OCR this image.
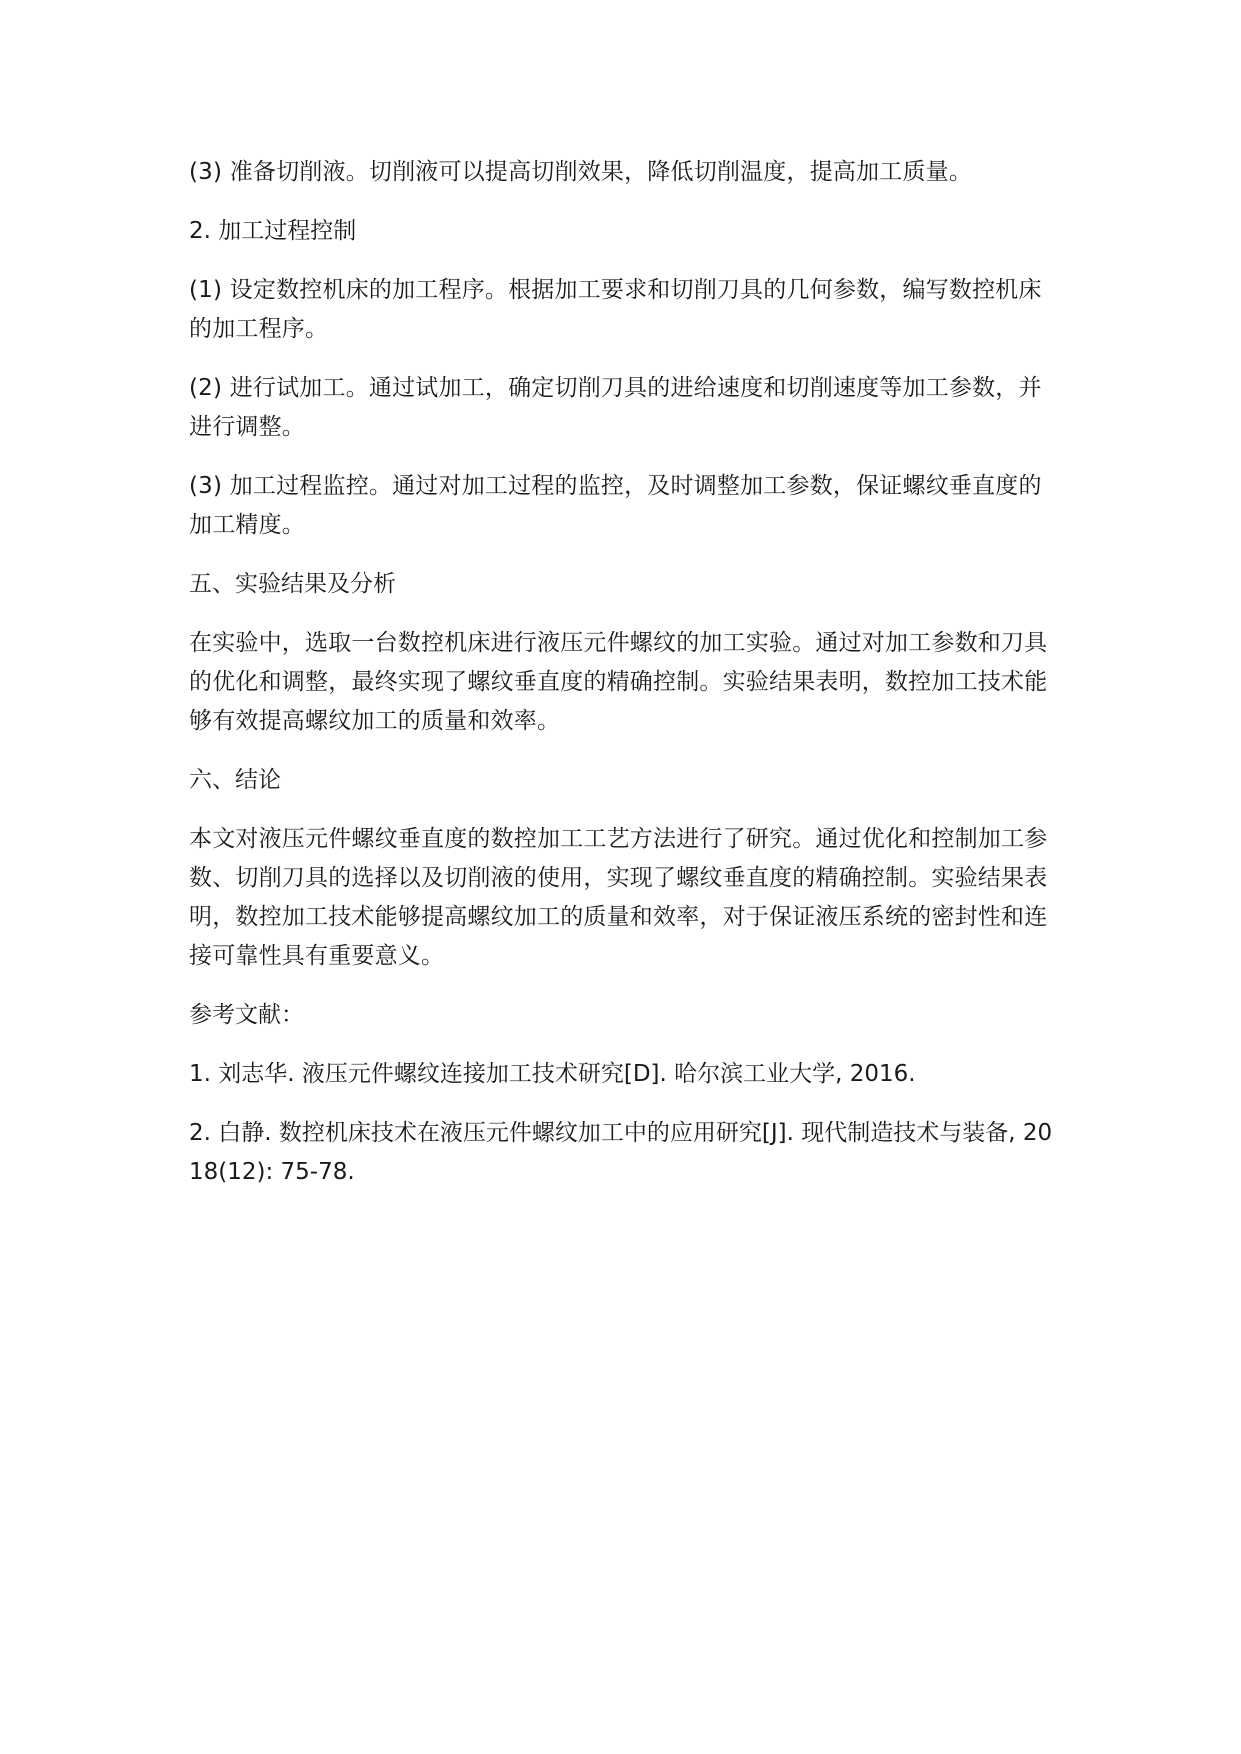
(3) 准备切削液。切削液可以提高切削效果，降低切削温度，提高加工质量。

2. 加工过程控制

(1) 设定数控机床的加工程序。根据加工要求和切削刀具的几何参数，编写数控机床的加工程序。

(2) 进行试加工。通过试加工，确定切削刀具的进给速度和切削速度等加工参数，并进行调整。

(3) 加工过程监控。通过对加工过程的监控，及时调整加工参数，保证螺纹垂直度的加工精度。

五、实验结果及分析

在实验中，选取一台数控机床进行液压元件螺纹的加工实验。通过对加工参数和刀具的优化和调整，最终实现了螺纹垂直度的精确控制。实验结果表明，数控加工技术能够有效提高螺纹加工的质量和效率。

六、结论

本文对液压元件螺纹垂直度的数控加工工艺方法进行了研究。通过优化和控制加工参数、切削刀具的选择以及切削液的使用，实现了螺纹垂直度的精确控制。实验结果表明，数控加工技术能够提高螺纹加工的质量和效率，对于保证液压系统的密封性和连接可靠性具有重要意义。

参考文献：

1. 刘志华. 液压元件螺纹连接加工技术研究[D]. 哈尔滨工业大学, 2016.

2. 白静. 数控机床技术在液压元件螺纹加工中的应用研究[J]. 现代制造技术与装备, 2018(12): 75-78.
